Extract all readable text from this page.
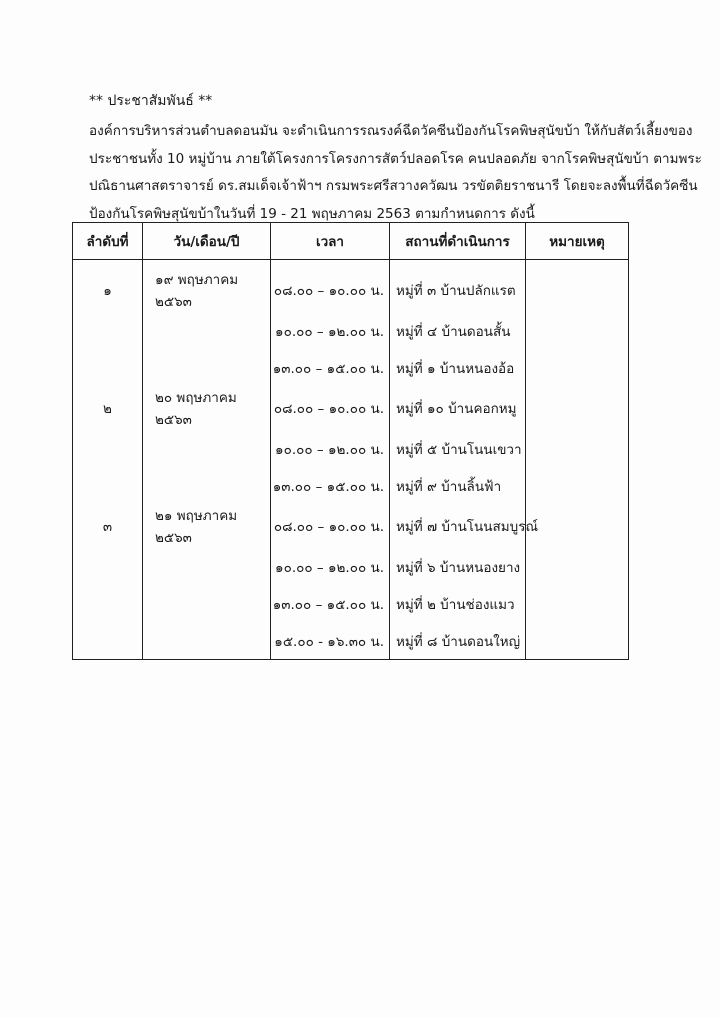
** ประชาสัมพันธ์ **
องค์การบริหารส่วนตำบลดอนมัน จะดำเนินการรณรงค์ฉีดวัคซีนป้องกันโรคพิษสุนัขบ้า ให้กับสัตว์เลี้ยงของ
ประชาชนทั้ง 10 หมู่บ้าน ภายใต้โครงการโครงการสัตว์ปลอดโรค คนปลอดภัย จากโรคพิษสุนัขบ้า ตามพระ
ปณิธานศาสตราจารย์ ดร.สมเด็จเจ้าฟ้าฯ กรมพระศรีสวางควัฒน วรขัตติยราชนารี โดยจะลงพื้นที่ฉีดวัคซีน
ป้องกันโรคพิษสุนัขบ้าในวันที่ 19 - 21 พฤษภาคม 2563 ตามกำหนดการ ดังนี้
ลำดับที่	วัน/เดือน/ปี	เวลา	สถานที่ดำเนินการ	หมายเหตุ
๑	๑๙ พฤษภาคม ๒๕๖๓	๐๘.๐๐ – ๑๐.๐๐ น.	หมู่ที่ ๓ บ้านปลักแรต	
		๑๐.๐๐ – ๑๒.๐๐ น.	หมู่ที่ ๔ บ้านดอนสั้น	
		๑๓.๐๐ – ๑๕.๐๐ น.	หมู่ที่ ๑ บ้านหนองอ้อ	
๒	๒๐ พฤษภาคม ๒๕๖๓	๐๘.๐๐ – ๑๐.๐๐ น.	หมู่ที่ ๑๐ บ้านคอกหมู	
		๑๐.๐๐ – ๑๒.๐๐ น.	หมู่ที่ ๕ บ้านโนนเขวา	
		๑๓.๐๐ – ๑๕.๐๐ น.	หมู่ที่ ๙ บ้านลิ้นฟ้า	
๓	๒๑ พฤษภาคม ๒๕๖๓	๐๘.๐๐ – ๑๐.๐๐ น.	หมู่ที่ ๗ บ้านโนนสมบูรณ์	
		๑๐.๐๐ – ๑๒.๐๐ น.	หมู่ที่ ๖ บ้านหนองยาง	
		๑๓.๐๐ – ๑๕.๐๐ น.	หมู่ที่ ๒ บ้านช่องแมว	
		๑๕.๐๐ - ๑๖.๓๐ น.	หมู่ที่ ๘ บ้านดอนใหญ่	
